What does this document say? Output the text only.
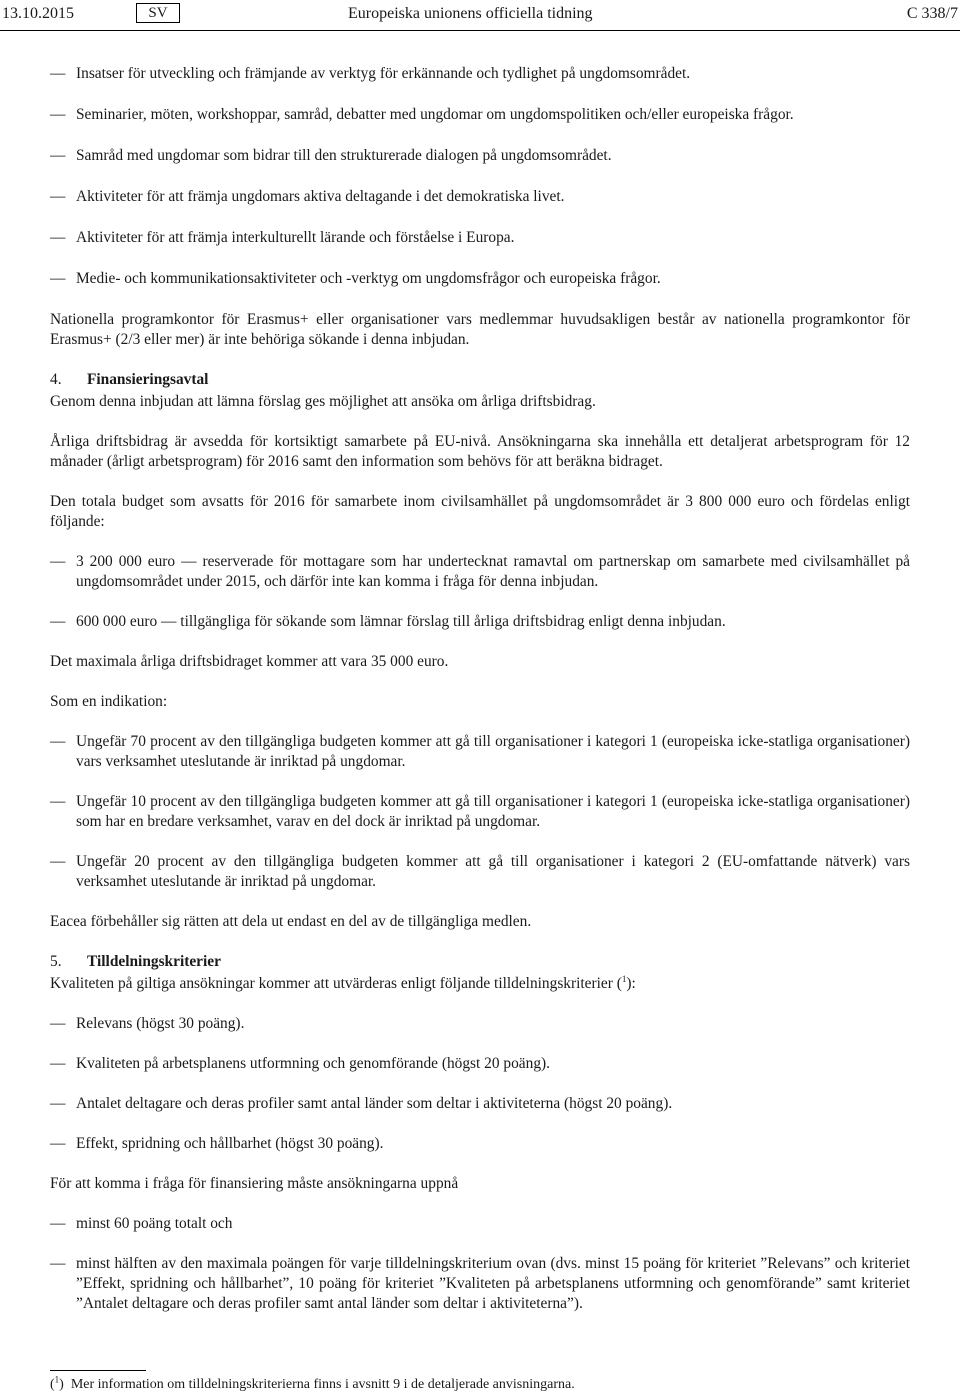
13.10.2015	SV	Europeiska unionens officiella tidning	C 338/7
— Insatser för utveckling och främjande av verktyg för erkännande och tydlighet på ungdomsområdet.
— Seminarier, möten, workshoppar, samråd, debatter med ungdomar om ungdomspolitiken och/eller europeiska frågor.
— Samråd med ungdomar som bidrar till den strukturerade dialogen på ungdomsområdet.
— Aktiviteter för att främja ungdomars aktiva deltagande i det demokratiska livet.
— Aktiviteter för att främja interkulturellt lärande och förståelse i Europa.
— Medie- och kommunikationsaktiviteter och -verktyg om ungdomsfrågor och europeiska frågor.
Nationella programkontor för Erasmus+ eller organisationer vars medlemmar huvudsakligen består av nationella programkontor för Erasmus+ (2/3 eller mer) är inte behöriga sökande i denna inbjudan.
4. Finansieringsavtal
Genom denna inbjudan att lämna förslag ges möjlighet att ansöka om årliga driftsbidrag.
Årliga driftsbidrag är avsedda för kortsiktigt samarbete på EU-nivå. Ansökningarna ska innehålla ett detaljerat arbetsprogram för 12 månader (årligt arbetsprogram) för 2016 samt den information som behövs för att beräkna bidraget.
Den totala budget som avsatts för 2016 för samarbete inom civilsamhället på ungdomsområdet är 3 800 000 euro och fördelas enligt följande:
— 3 200 000 euro — reserverade för mottagare som har undertecknat ramavtal om partnerskap om samarbete med civilsamhället på ungdomsområdet under 2015, och därför inte kan komma i fråga för denna inbjudan.
— 600 000 euro — tillgängliga för sökande som lämnar förslag till årliga driftsbidrag enligt denna inbjudan.
Det maximala årliga driftsbidraget kommer att vara 35 000 euro.
Som en indikation:
— Ungefär 70 procent av den tillgängliga budgeten kommer att gå till organisationer i kategori 1 (europeiska icke-statliga organisationer) vars verksamhet uteslutande är inriktad på ungdomar.
— Ungefär 10 procent av den tillgängliga budgeten kommer att gå till organisationer i kategori 1 (europeiska icke-statliga organisationer) som har en bredare verksamhet, varav en del dock är inriktad på ungdomar.
— Ungefär 20 procent av den tillgängliga budgeten kommer att gå till organisationer i kategori 2 (EU-omfattande nätverk) vars verksamhet uteslutande är inriktad på ungdomar.
Eacea förbehåller sig rätten att dela ut endast en del av de tillgängliga medlen.
5. Tilldelningskriterier
Kvaliteten på giltiga ansökningar kommer att utvärderas enligt följande tilldelningskriterier ($^1$):
— Relevans (högst 30 poäng).
— Kvaliteten på arbetsplanens utformning och genomförande (högst 20 poäng).
— Antalet deltagare och deras profiler samt antal länder som deltar i aktiviteterna (högst 20 poäng).
— Effekt, spridning och hållbarhet (högst 30 poäng).
För att komma i fråga för finansiering måste ansökningarna uppnå
— minst 60 poäng totalt och
— minst hälften av den maximala poängen för varje tilldelningskriterium ovan (dvs. minst 15 poäng för kriteriet ”Relevans” och kriteriet ”Effekt, spridning och hållbarhet”, 10 poäng för kriteriet ”Kvaliteten på arbetsplanens utformning och genomförande” samt kriteriet ”Antalet deltagare och deras profiler samt antal länder som deltar i aktiviteterna”).
($^1$) Mer information om tilldelningskriterierna finns i avsnitt 9 i de detaljerade anvisningarna.
